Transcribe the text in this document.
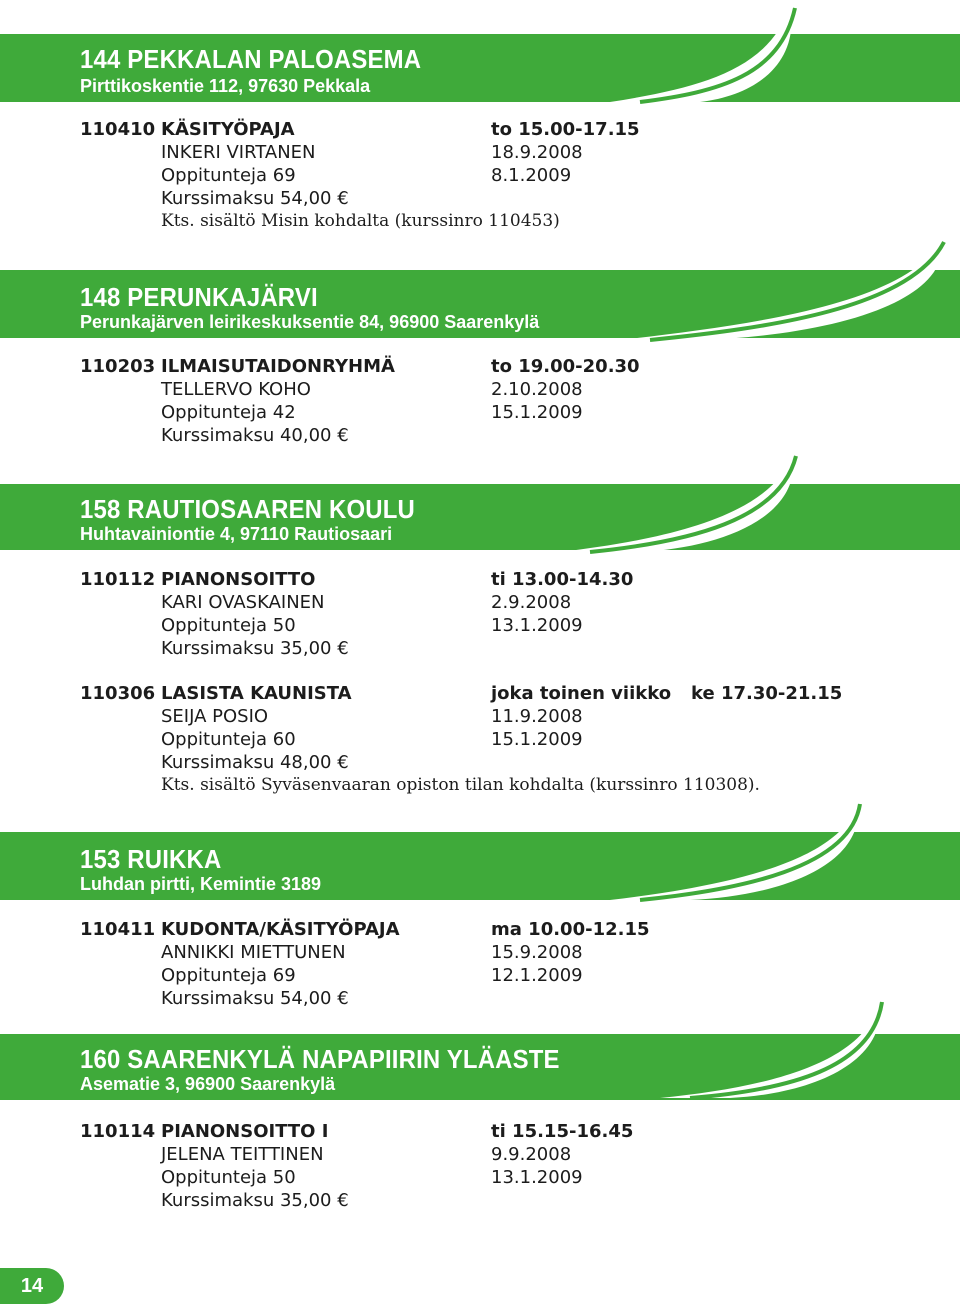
144 PEKKALAN PALOASEMA
Pirttikoskentie 112, 97630 Pekkala
110410 KÄSITYÖPAJA	to 15.00-17.15
INKERI VIRTANEN	18.9.2008
Oppitunteja 69	8.1.2009
Kurssimaksu 54,00 €
Kts. sisältö Misin kohdalta (kurssinro 110453)
148 PERUNKAJÄRVI
Perunkajärven leirikeskuksentie 84, 96900 Saarenkylä
110203 ILMAISUTAIDONRYHMÄ	to 19.00-20.30
TELLERVO KOHO	2.10.2008
Oppitunteja 42	15.1.2009
Kurssimaksu 40,00 €
158 RAUTIOSAAREN KOULU
Huhtavainiontie 4, 97110 Rautiosaari
110112 PIANONSOITTO	ti 13.00-14.30
KARI OVASKAINEN	2.9.2008
Oppitunteja 50	13.1.2009
Kurssimaksu 35,00 €
110306 LASISTA KAUNISTA	joka toinen viikko ke 17.30-21.15
SEIJA POSIO	11.9.2008
Oppitunteja 60	15.1.2009
Kurssimaksu 48,00 €
Kts. sisältö Syväsenvaaran opiston tilan kohdalta (kurssinro 110308).
153 RUIKKA
Luhdan pirtti, Kemintie 3189
110411 KUDONTA/KÄSITYÖPAJA	ma 10.00-12.15
ANNIKKI MIETTUNEN	15.9.2008
Oppitunteja 69	12.1.2009
Kurssimaksu 54,00 €
160 SAARENKYLÄ NAPAPIIRIN YLÄASTE
Asematie 3, 96900 Saarenkylä
110114 PIANONSOITTO I	ti 15.15-16.45
JELENA TEITTINEN	9.9.2008
Oppitunteja 50	13.1.2009
Kurssimaksu 35,00 €
14
